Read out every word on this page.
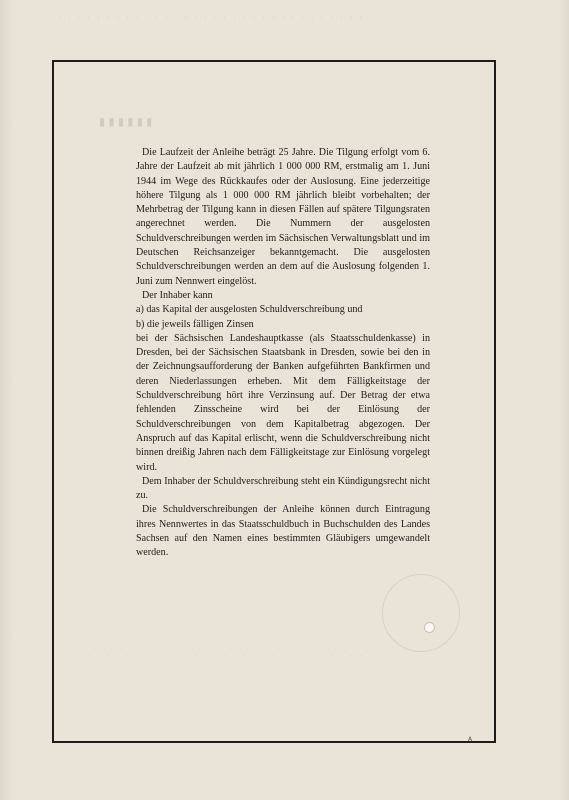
· · · · · · · · · · · · · · · · · · · · · · · · · · · · · · · ·
· · · · · · · · · · · · · · · · · · · · · · · · · · · · · · · ·
▮▮▮▮▮▮

Die Laufzeit der Anleihe beträgt 25 Jahre. Die Tilgung erfolgt vom 6. Jahre der Laufzeit ab mit jährlich 1 000 000 RM, erstmalig am 1. Juni 1944 im Wege des Rückkaufes oder der Auslosung. Eine jederzeitige höhere Tilgung als 1 000 000 RM jährlich bleibt vorbehalten; der Mehrbetrag der Tilgung kann in diesen Fällen auf spätere Tilgungsraten angerechnet werden. Die Nummern der ausgelosten Schuldverschreibungen werden im Sächsischen Verwaltungsblatt und im Deutschen Reichsanzeiger bekanntgemacht. Die ausgelosten Schuldverschreibungen werden an dem auf die Auslosung folgenden 1. Juni zum Nennwert eingelöst.

Der Inhaber kann

a) das Kapital der ausgelosten Schuldverschreibung und

b) die jeweils fälligen Zinsen

bei der Sächsischen Landeshauptkasse (als Staatsschuldenkasse) in Dresden, bei der Sächsischen Staatsbank in Dresden, sowie bei den in der Zeichnungsaufforderung der Banken aufgeführten Bankfirmen und deren Niederlassungen erheben. Mit dem Fälligkeitstage der Schuldverschreibung hört ihre Verzinsung auf. Der Betrag der etwa fehlenden Zinsscheine wird bei der Einlösung der Schuldverschreibungen von dem Kapitalbetrag abgezogen. Der Anspruch auf das Kapital erlischt, wenn die Schuldverschreibung nicht binnen dreißig Jahren nach dem Fälligkeitstage zur Einlösung vorgelegt wird.

Dem Inhaber der Schuldverschreibung steht ein Kündigungsrecht nicht zu.

Die Schuldverschreibungen der Anleihe können durch Eintragung ihres Nennwertes in das Staatsschuldbuch in Buchschulden des Landes Sachsen auf den Namen eines bestimmten Gläubigers umgewandelt werden.

A
